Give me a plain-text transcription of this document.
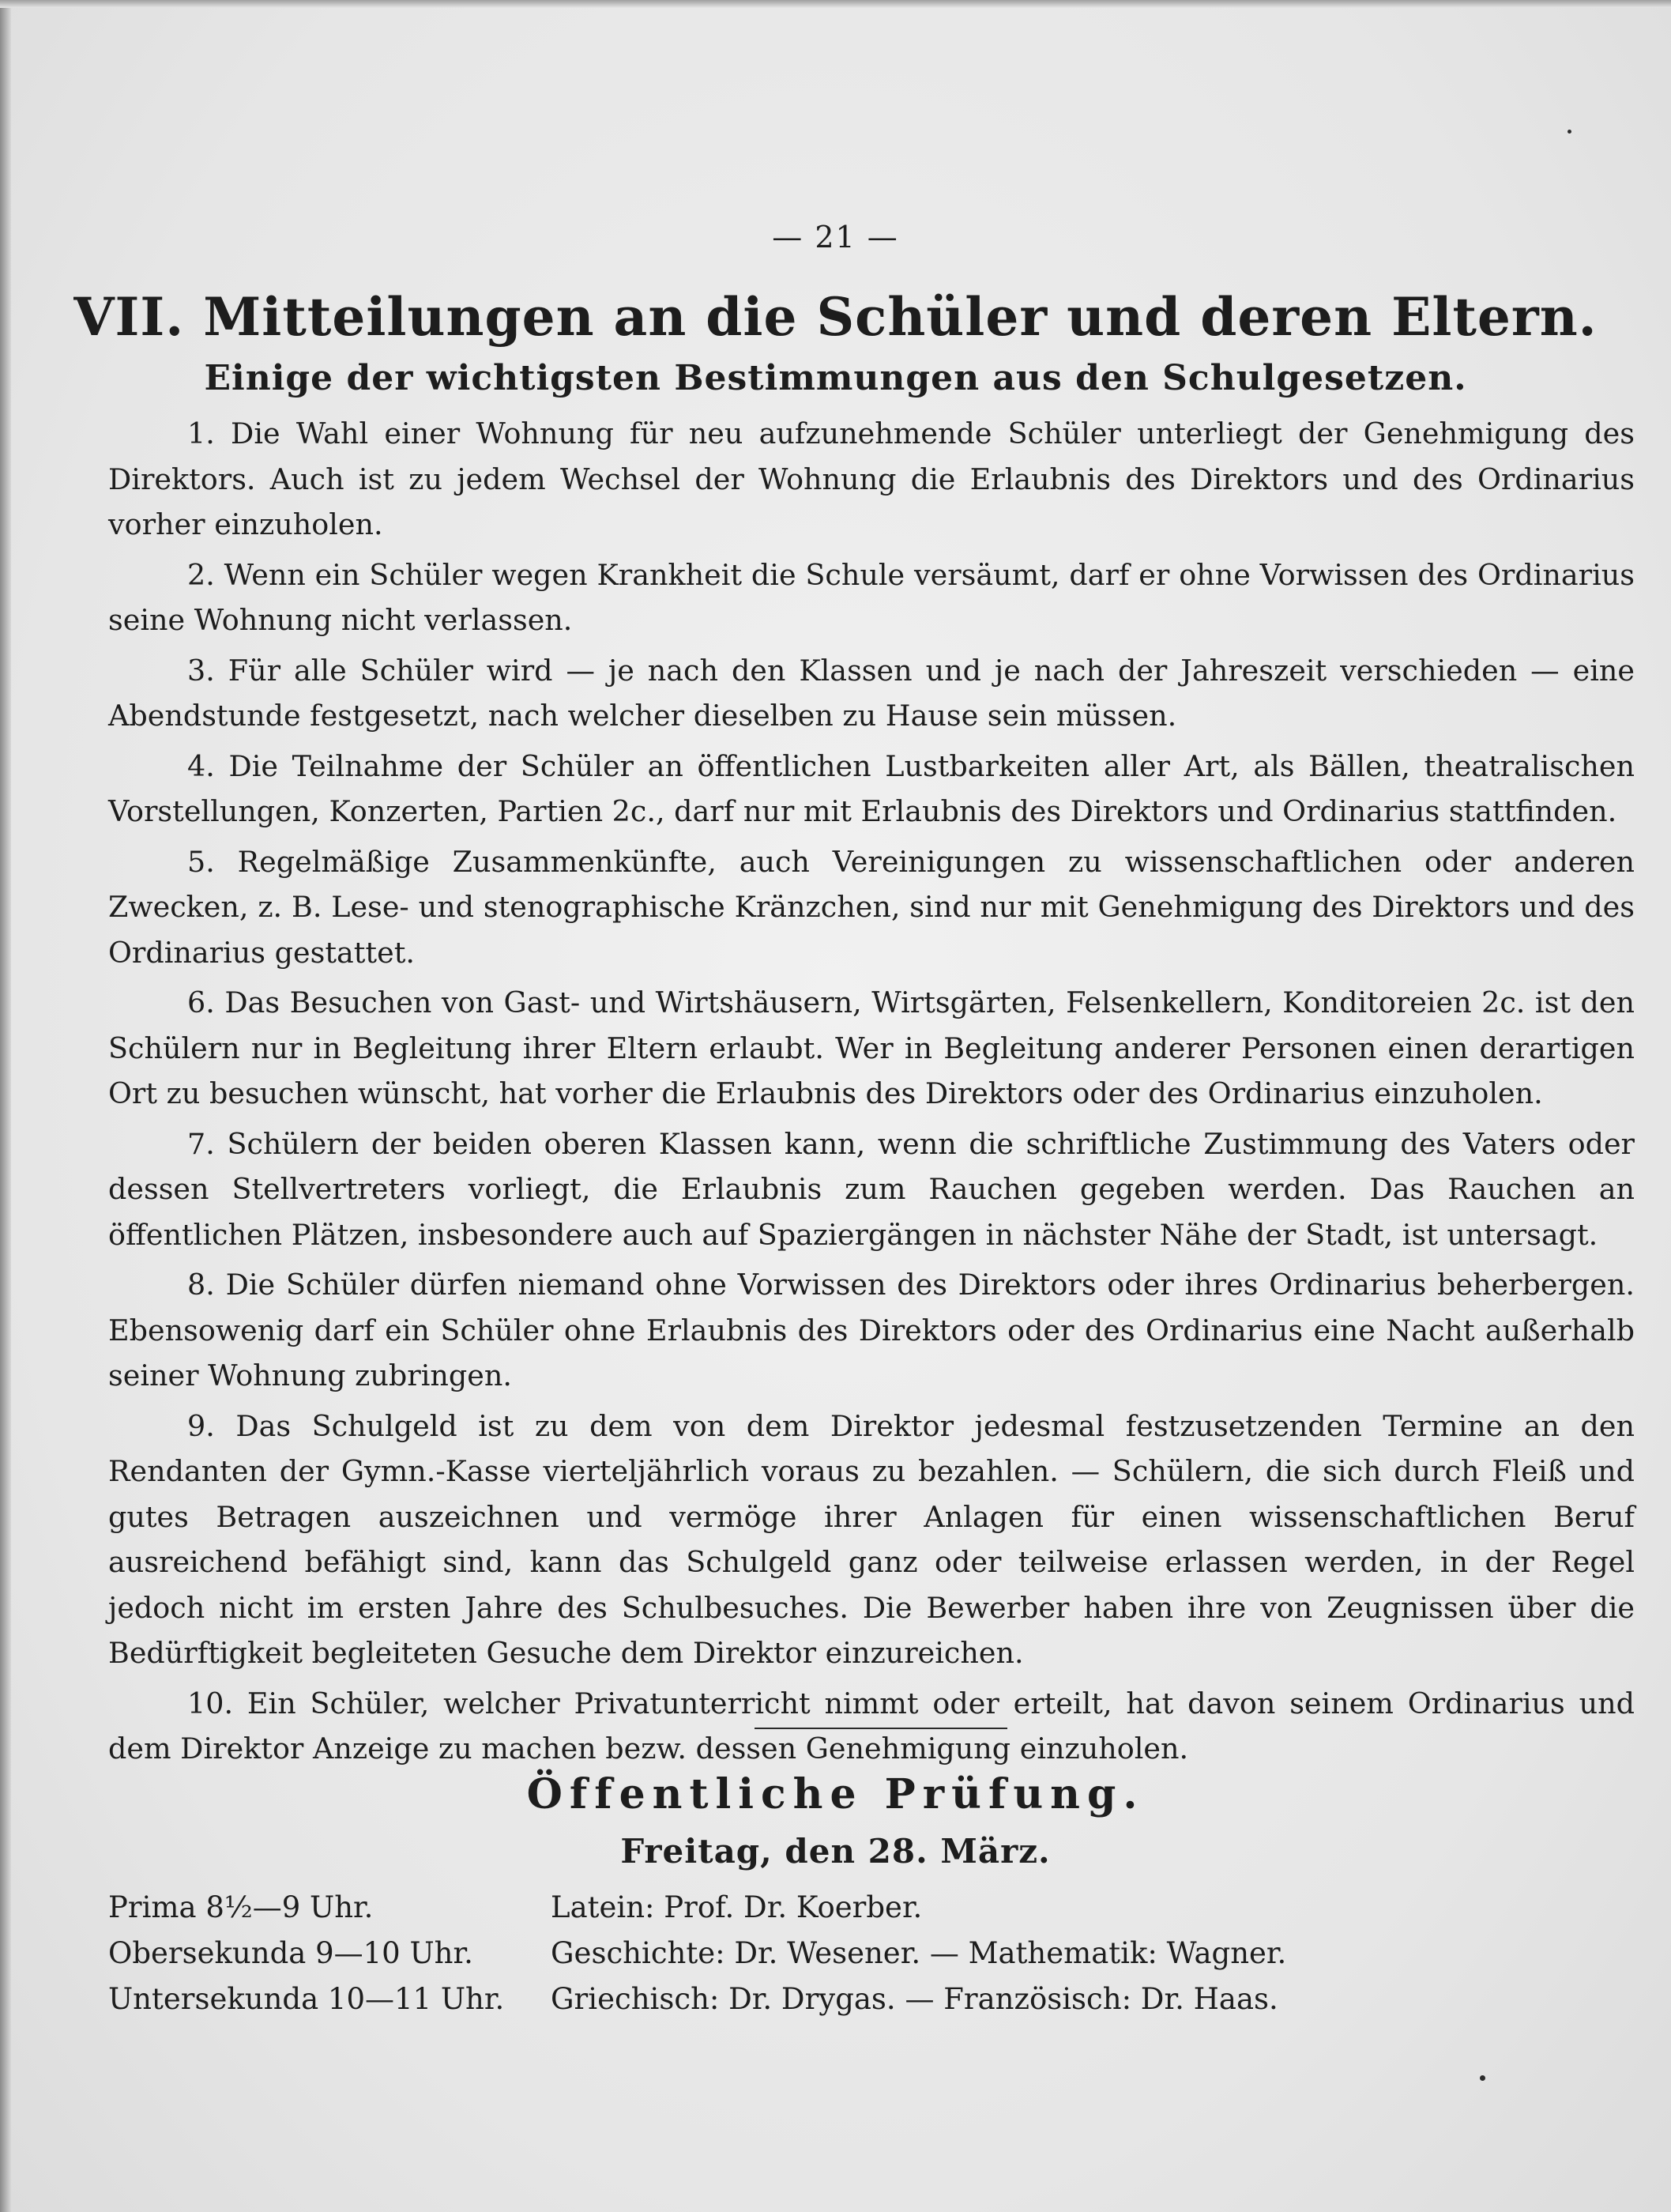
— 21 —
VII. Mitteilungen an die Schüler und deren Eltern.
Einige der wichtigsten Bestimmungen aus den Schulgesetzen.

1. Die Wahl einer Wohnung für neu aufzunehmende Schüler unterliegt der Genehmigung des Direktors. Auch ist zu jedem Wechsel der Wohnung die Erlaubnis des Direktors und des Ordinarius vorher einzuholen.

2. Wenn ein Schüler wegen Krankheit die Schule versäumt, darf er ohne Vorwissen des Ordinarius seine Wohnung nicht verlassen.

3. Für alle Schüler wird — je nach den Klassen und je nach der Jahreszeit verschieden — eine Abendstunde festgesetzt, nach welcher dieselben zu Hause sein müssen.

4. Die Teilnahme der Schüler an öffentlichen Lustbarkeiten aller Art, als Bällen, theatralischen Vorstellungen, Konzerten, Partien 2c., darf nur mit Erlaubnis des Direktors und Ordinarius stattfinden.

5. Regelmäßige Zusammenkünfte, auch Vereinigungen zu wissenschaftlichen oder anderen Zwecken, z. B. Lese- und stenographische Kränzchen, sind nur mit Genehmigung des Direktors und des Ordinarius gestattet.

6. Das Besuchen von Gast- und Wirtshäusern, Wirtsgärten, Felsenkellern, Konditoreien 2c. ist den Schülern nur in Begleitung ihrer Eltern erlaubt. Wer in Begleitung anderer Personen einen derartigen Ort zu besuchen wünscht, hat vorher die Erlaubnis des Direktors oder des Ordinarius einzuholen.

7. Schülern der beiden oberen Klassen kann, wenn die schriftliche Zustimmung des Vaters oder dessen Stellvertreters vorliegt, die Erlaubnis zum Rauchen gegeben werden. Das Rauchen an öffentlichen Plätzen, insbesondere auch auf Spaziergängen in nächster Nähe der Stadt, ist untersagt.

8. Die Schüler dürfen niemand ohne Vorwissen des Direktors oder ihres Ordinarius beherbergen. Ebensowenig darf ein Schüler ohne Erlaubnis des Direktors oder des Ordinarius eine Nacht außerhalb seiner Wohnung zubringen.

9. Das Schulgeld ist zu dem von dem Direktor jedesmal festzusetzenden Termine an den Rendanten der Gymn.-Kasse vierteljährlich voraus zu bezahlen. — Schülern, die sich durch Fleiß und gutes Betragen auszeichnen und vermöge ihrer Anlagen für einen wissenschaftlichen Beruf ausreichend befähigt sind, kann das Schulgeld ganz oder teilweise erlassen werden, in der Regel jedoch nicht im ersten Jahre des Schulbesuches. Die Bewerber haben ihre von Zeugnissen über die Bedürftigkeit begleiteten Gesuche dem Direktor einzureichen.

10. Ein Schüler, welcher Privatunterricht nimmt oder erteilt, hat davon seinem Ordinarius und dem Direktor Anzeige zu machen bezw. dessen Genehmigung einzuholen.

Öffentliche Prüfung.
Freitag, den 28. März.
Prima 8½—9 Uhr.	Latein: Prof. Dr. Koerber.
Obersekunda 9—10 Uhr.	Geschichte: Dr. Wesener. — Mathematik: Wagner.
Untersekunda 10—11 Uhr.	Griechisch: Dr. Drygas. — Französisch: Dr. Haas.
